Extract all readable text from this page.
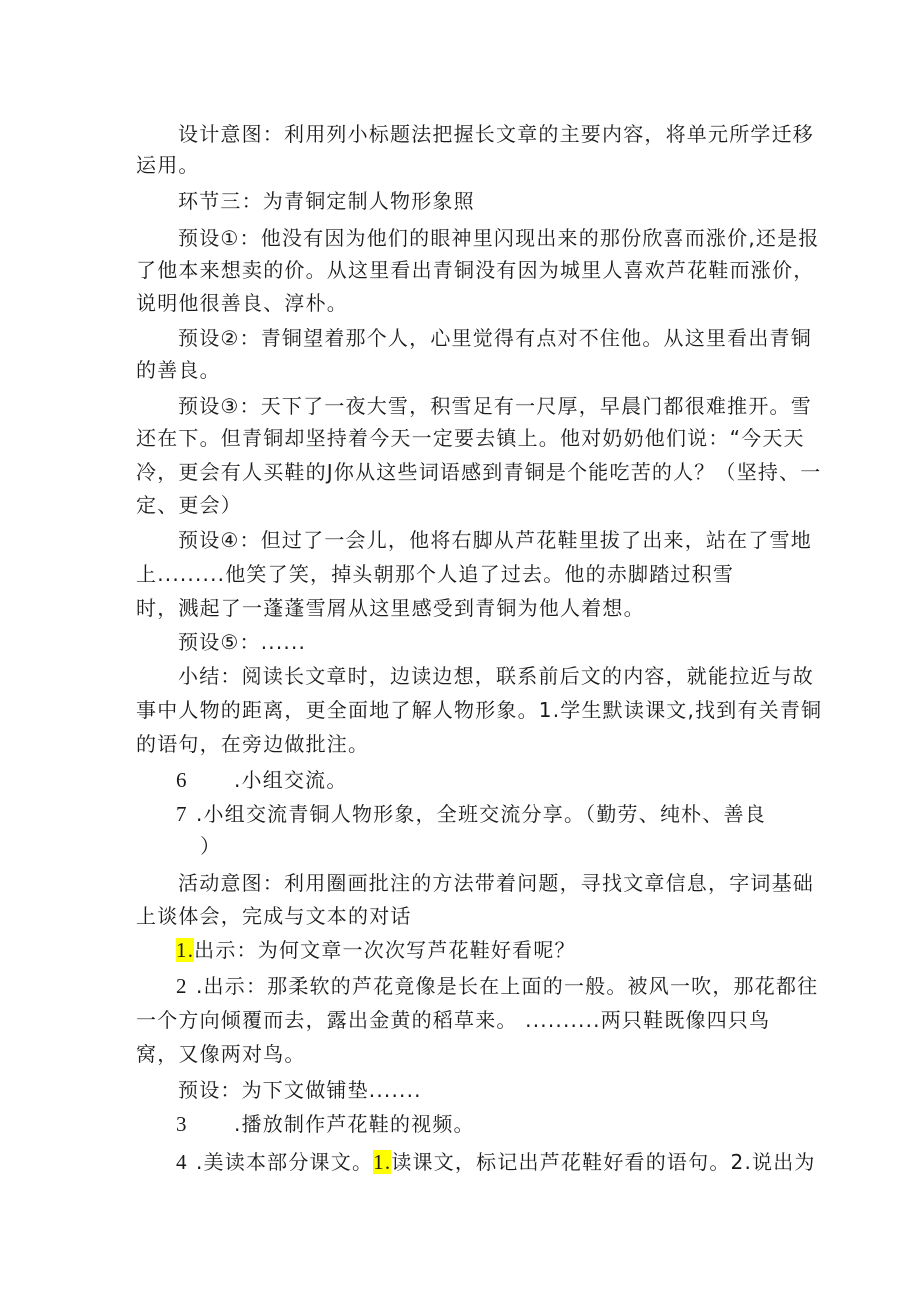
设计意图：利用列小标题法把握长文章的主要内容，将单元所学迁移
运用。
环节三：为青铜定制人物形象照
预设①：他没有因为他们的眼神里闪现出来的那份欣喜而涨价,还是报
了他本来想卖的价。从这里看出青铜没有因为城里人喜欢芦花鞋而涨价，
说明他很善良、淳朴。
预设②：青铜望着那个人，心里觉得有点对不住他。从这里看出青铜
的善良。
预设③：天下了一夜大雪，积雪足有一尺厚，早晨门都很难推开。雪
还在下。但青铜却坚持着今天一定要去镇上。他对奶奶他们说：“今天天
冷，更会有人买鞋的J你从这些词语感到青铜是个能吃苦的人？（坚持、一
定、更会）
预设④：但过了一会儿，他将右脚从芦花鞋里拔了出来，站在了雪地
上.........他笑了笑，掉头朝那个人追了过去。他的赤脚踏过积雪
时，溅起了一蓬蓬雪屑从这里感受到青铜为他人着想。
预设⑤：......
小结：阅读长文章时，边读边想，联系前后文的内容，就能拉近与故
事中人物的距离，更全面地了解人物形象。1.学生默读课文,找到有关青铜
的语句，在旁边做批注。
6 .小组交流。
7 .小组交流青铜人物形象，全班交流分享。（勤劳、纯朴、善良
）
活动意图：利用圈画批注的方法带着问题，寻找文章信息，字词基础
上谈体会，完成与文本的对话
1.出示：为何文章一次次写芦花鞋好看呢？
2 .出示：那柔软的芦花竟像是长在上面的一般。被风一吹，那花都往
一个方向倾覆而去，露出金黄的稻草来。 ..........两只鞋既像四只鸟
窝，又像两对鸟。
预设：为下文做铺垫.......
3 .播放制作芦花鞋的视频。
4 .美读本部分课文。1.读课文，标记出芦花鞋好看的语句。2.说出为
